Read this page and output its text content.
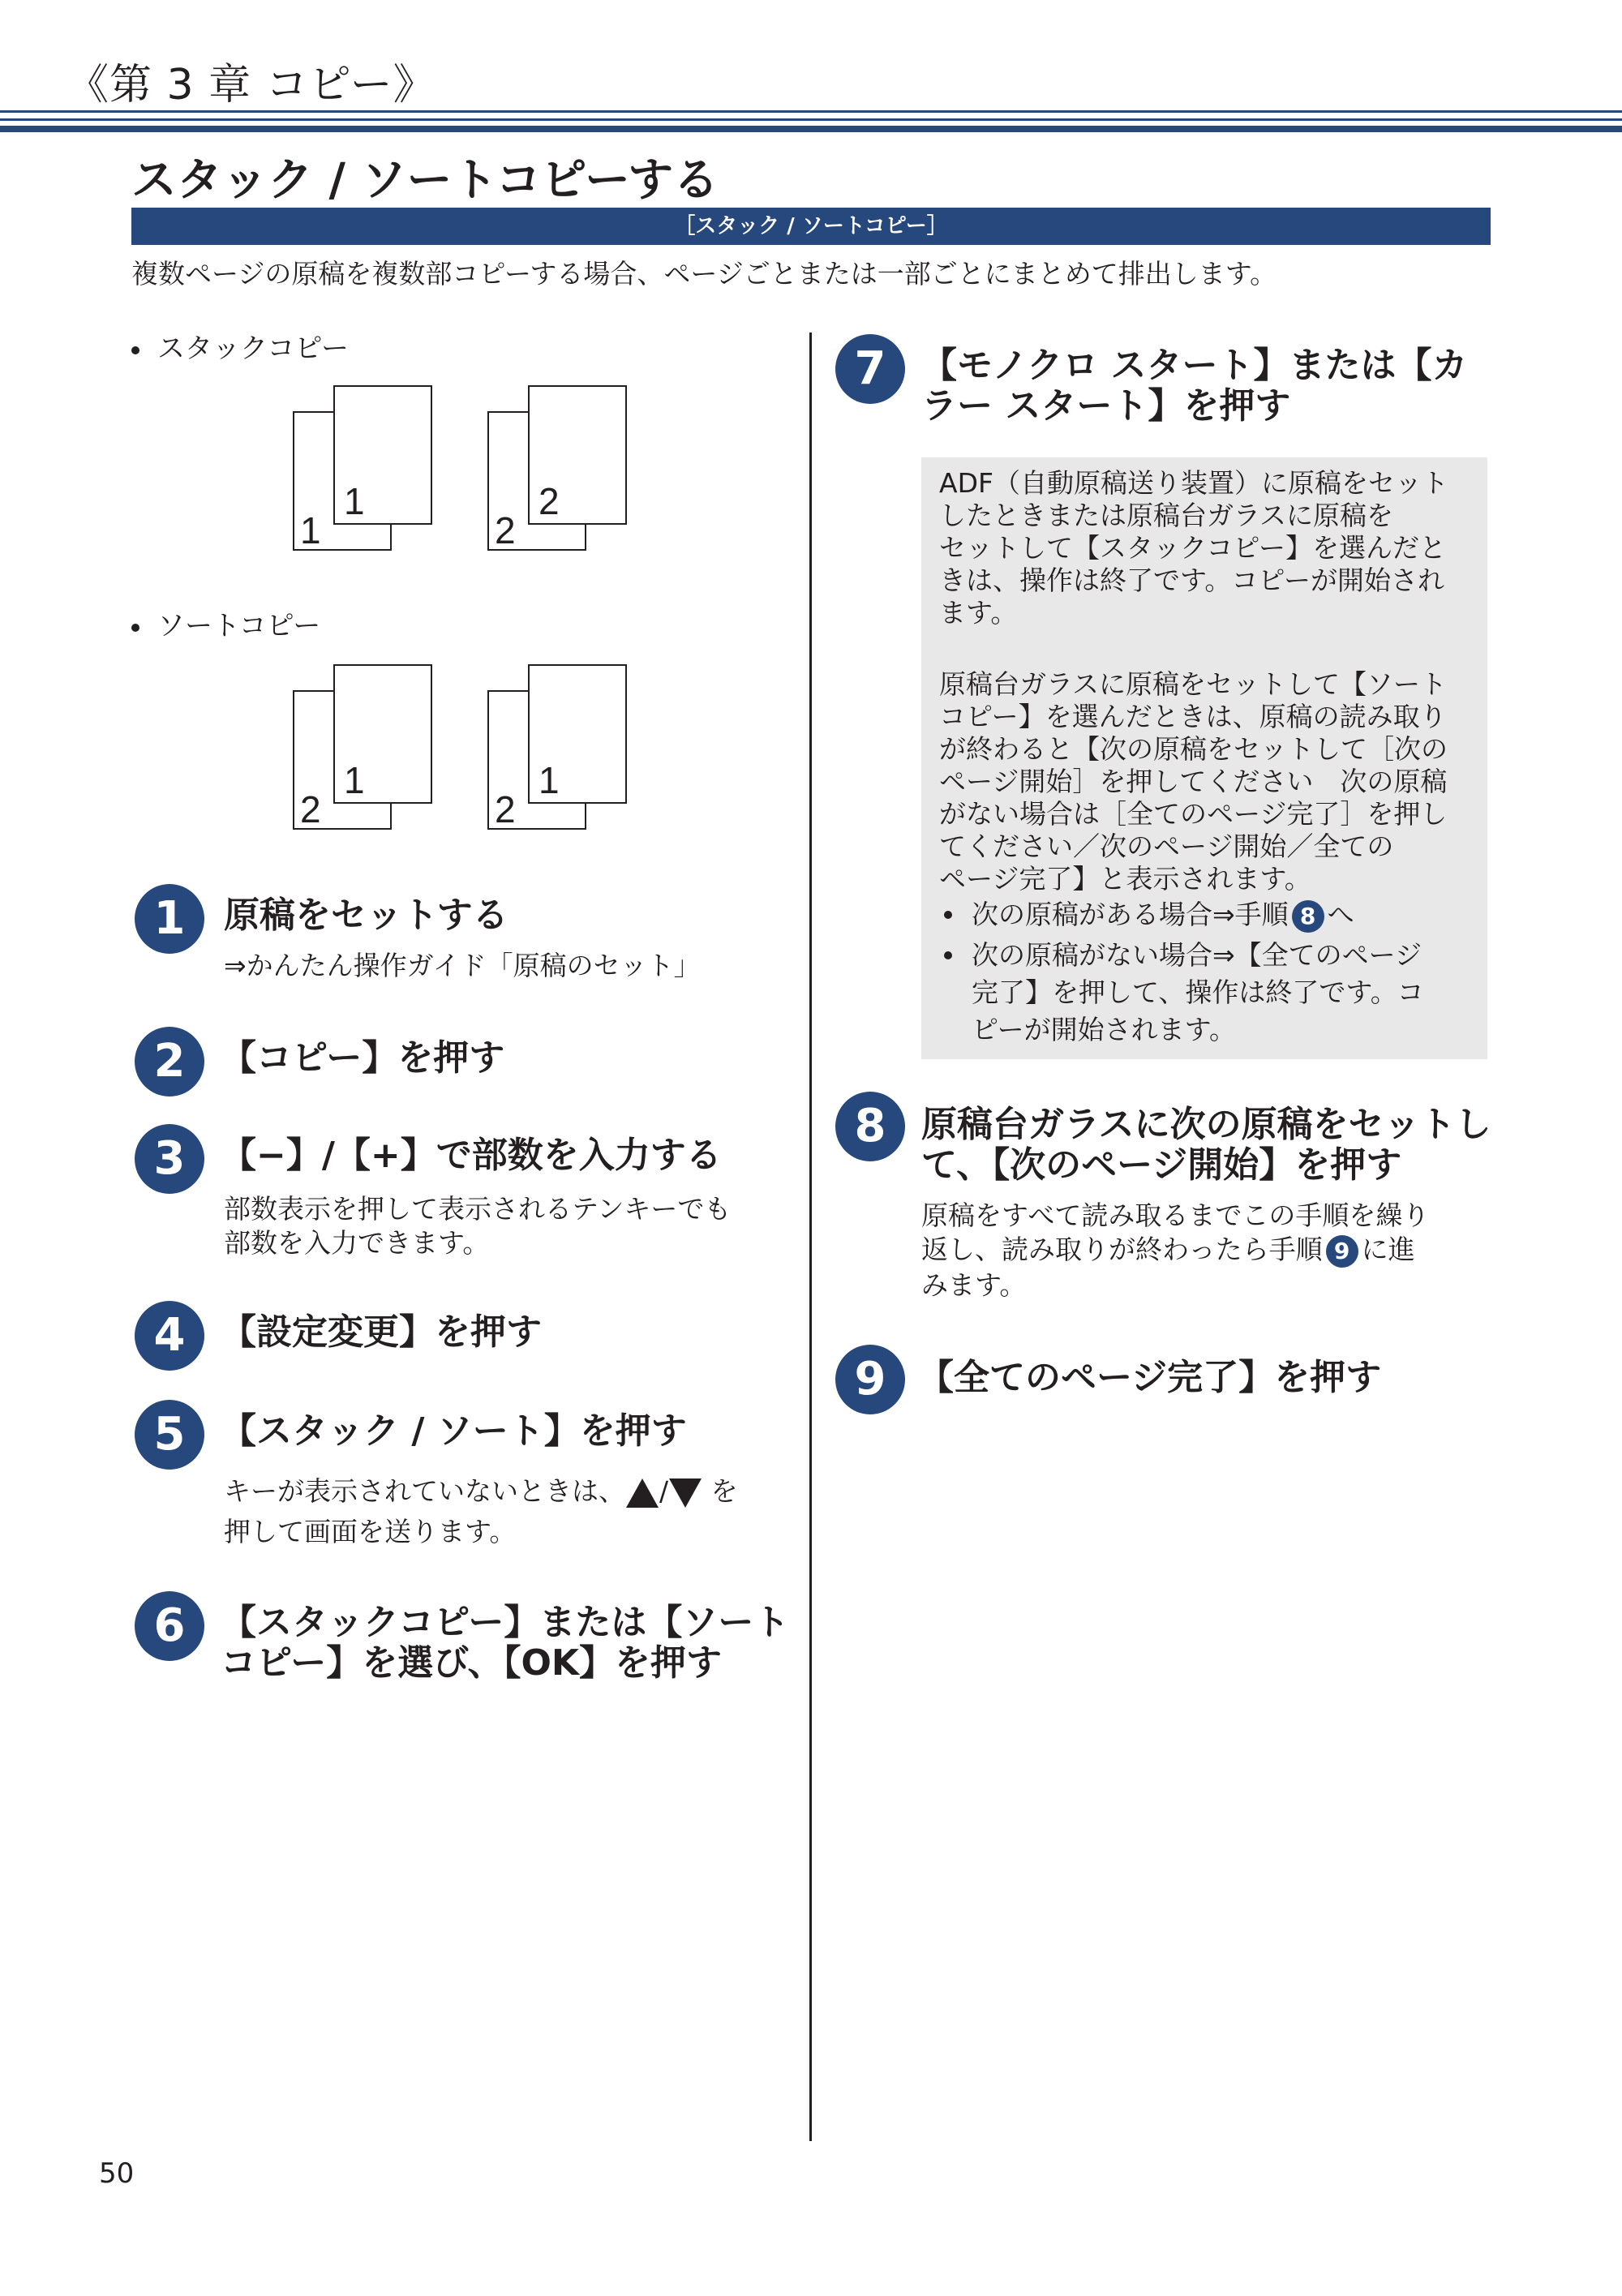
《第 3 章 コピー》
スタック / ソートコピーする
［スタック / ソートコピー］
複数ページの原稿を複数部コピーする場合、ページごとまたは一部ごとにまとめて排出します。
スタックコピー
1
1
2
2
ソートコピー
2
1
2
1
1	原稿をセットする
⇒かんたん操作ガイド「原稿のセット」
2 【コピー】を押す
3 【−】/【+】で部数を入力する
部数表示を押して表示されるテンキーでも
部数を入力できます。
4 【設定変更】を押す
5 【スタック / ソート】を押す
キーが表示されていないときは、 / を
押して画面を送ります。
6 【スタックコピー】または【ソート
コピー】を選び、【OK】を押す
7 【モノクロ スタート】または【カ
ラー スタート】を押す
ADF（自動原稿送り装置）に原稿をセット
したときまたは原稿台ガラスに原稿を
セットして【スタックコピー】を選んだと
きは、操作は終了です。コピーが開始され
ます。
原稿台ガラスに原稿をセットして【ソート
コピー】を選んだときは、原稿の読み取り
が終わると【次の原稿をセットして［次の
ページ開始］を押してください　次の原稿
がない場合は［全てのページ完了］を押し
てください／次のページ開始／全ての
ページ完了】と表示されます。
次の原稿がある場合⇒手順 8 へ
次の原稿がない場合⇒【全てのページ
完了】を押して、操作は終了です。コ
ピーが開始されます。
8 原稿台ガラスに次の原稿をセットし
て、【次のページ開始】を押す
原稿をすべて読み取るまでこの手順を繰り
返し、読み取りが終わったら手順 9 に進
みます。
9 【全てのページ完了】を押す
50
